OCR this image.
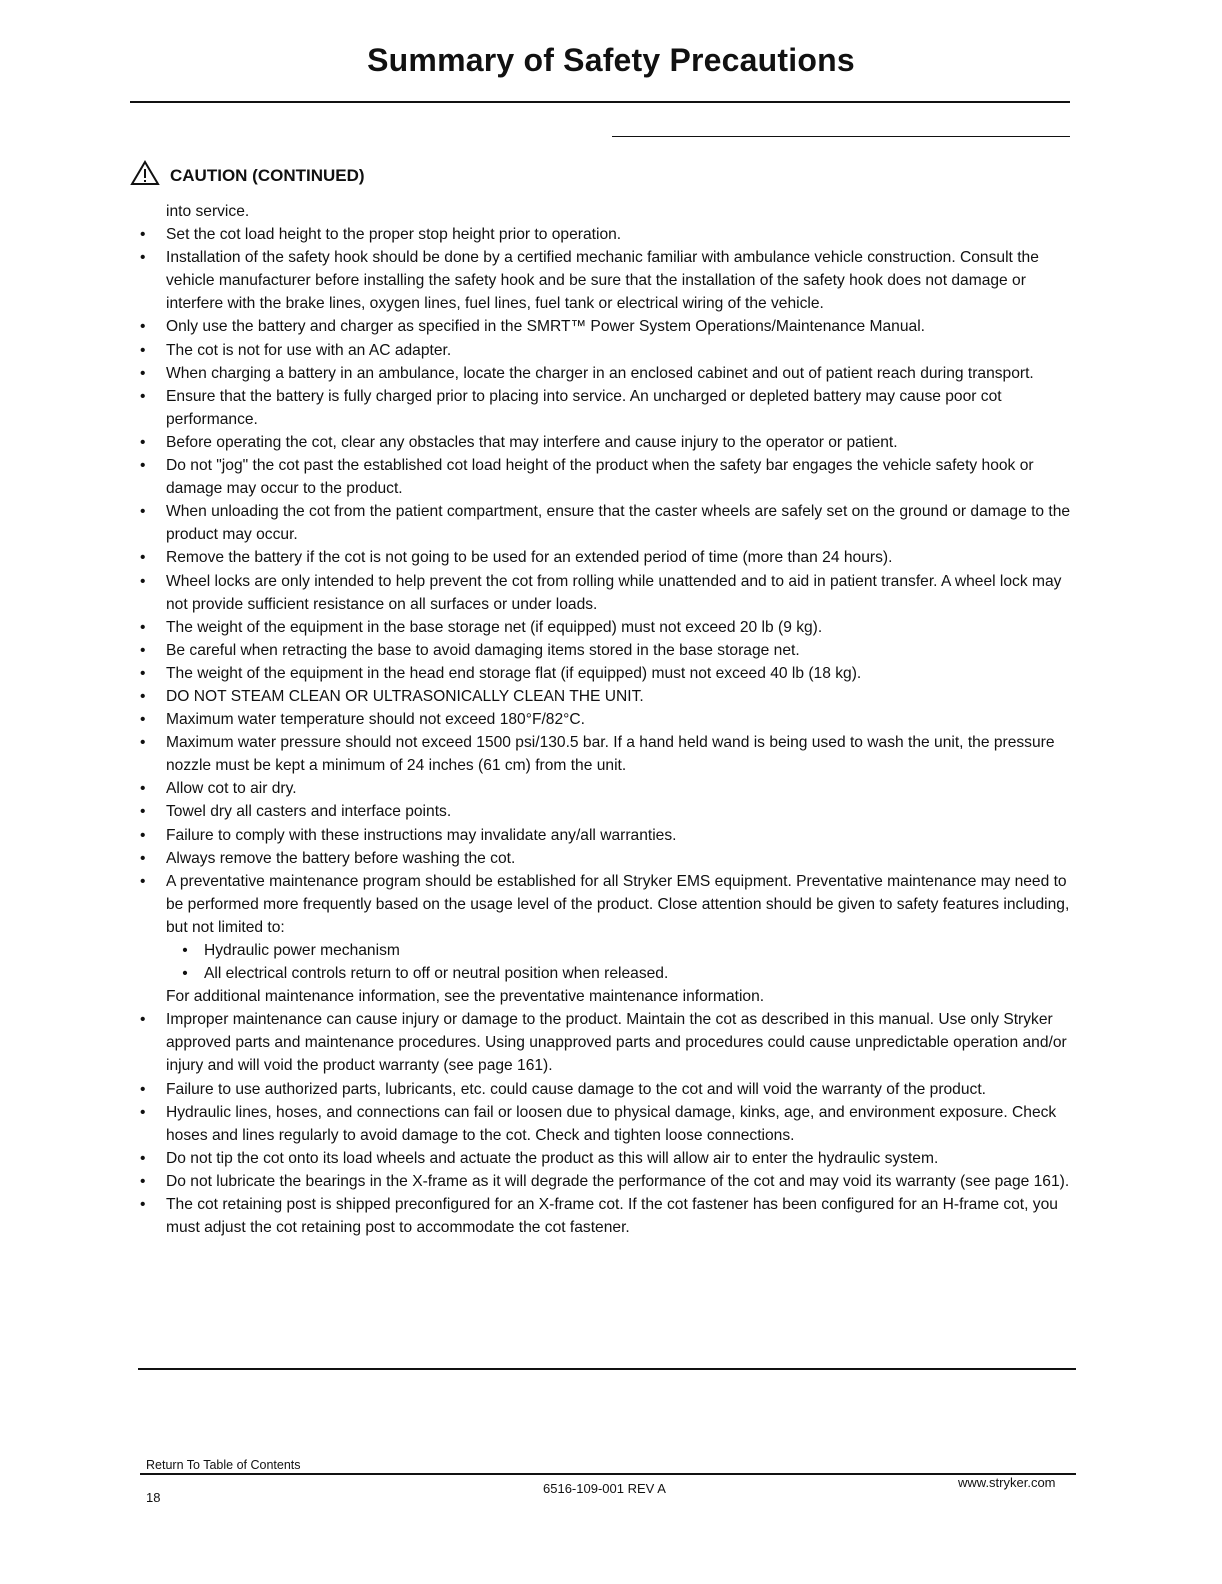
Summary of Safety Precautions
CAUTION (CONTINUED)
into service.
•	Set the cot load height to the proper stop height prior to operation.
•	Installation of the safety hook should be done by a certified mechanic familiar with ambulance vehicle construction. Consult the vehicle manufacturer before installing the safety hook and be sure that the installation of the safety hook does not damage or interfere with the brake lines, oxygen lines, fuel lines, fuel tank or electrical wiring of the vehicle.
•	Only use the battery and charger as specified in the SMRT™ Power System Operations/Maintenance Manual.
•	The cot is not for use with an AC adapter.
•	When charging a battery in an ambulance, locate the charger in an enclosed cabinet and out of patient reach during transport.
•	Ensure that the battery is fully charged prior to placing into service. An uncharged or depleted battery may cause poor cot performance.
•	Before operating the cot, clear any obstacles that may interfere and cause injury to the operator or patient.
•	Do not "jog" the cot past the established cot load height of the product when the safety bar engages the vehicle safety hook or damage may occur to the product.
•	When unloading the cot from the patient compartment, ensure that the caster wheels are safely set on the ground or damage to the product may occur.
•	Remove the battery if the cot is not going to be used for an extended period of time (more than 24 hours).
•	Wheel locks are only intended to help prevent the cot from rolling while unattended and to aid in patient transfer. A wheel lock may not provide sufficient resistance on all surfaces or under loads.
•	The weight of the equipment in the base storage net (if equipped) must not exceed 20 lb (9 kg).
•	Be careful when retracting the base to avoid damaging items stored in the base storage net.
•	The weight of the equipment in the head end storage flat (if equipped) must not exceed 40 lb (18 kg).
•	DO NOT STEAM CLEAN OR ULTRASONICALLY CLEAN THE UNIT.
•	Maximum water temperature should not exceed 180°F/82°C.
•	Maximum water pressure should not exceed 1500 psi/130.5 bar. If a hand held wand is being used to wash the unit, the pressure nozzle must be kept a minimum of 24 inches (61 cm) from the unit.
•	Allow cot to air dry.
•	Towel dry all casters and interface points.
•	Failure to comply with these instructions may invalidate any/all warranties.
•	Always remove the battery before washing the cot.
•	A preventative maintenance program should be established for all Stryker EMS equipment. Preventative maintenance may need to be performed more frequently based on the usage level of the product. Close attention should be given to safety features including, but not limited to:
•	Hydraulic power mechanism
•	All electrical controls return to off or neutral position when released.
For additional maintenance information, see the preventative maintenance information.
•	Improper maintenance can cause injury or damage to the product. Maintain the cot as described in this manual. Use only Stryker approved parts and maintenance procedures. Using unapproved parts and procedures could cause unpredictable operation and/or injury and will void the product warranty (see page 161).
•	Failure to use authorized parts, lubricants, etc. could cause damage to the cot and will void the warranty of the product.
•	Hydraulic lines, hoses, and connections can fail or loosen due to physical damage, kinks, age, and environment exposure. Check hoses and lines regularly to avoid damage to the cot. Check and tighten loose connections.
•	Do not tip the cot onto its load wheels and actuate the product as this will allow air to enter the hydraulic system.
•	Do not lubricate the bearings in the X-frame as it will degrade the performance of the cot and may void its warranty (see page 161).
•	The cot retaining post is shipped preconfigured for an X-frame cot. If the cot fastener has been configured for an H-frame cot, you must adjust the cot retaining post to accommodate the cot fastener.
Return To Table of Contents
18
6516-109-001 REV A	www.stryker.com
